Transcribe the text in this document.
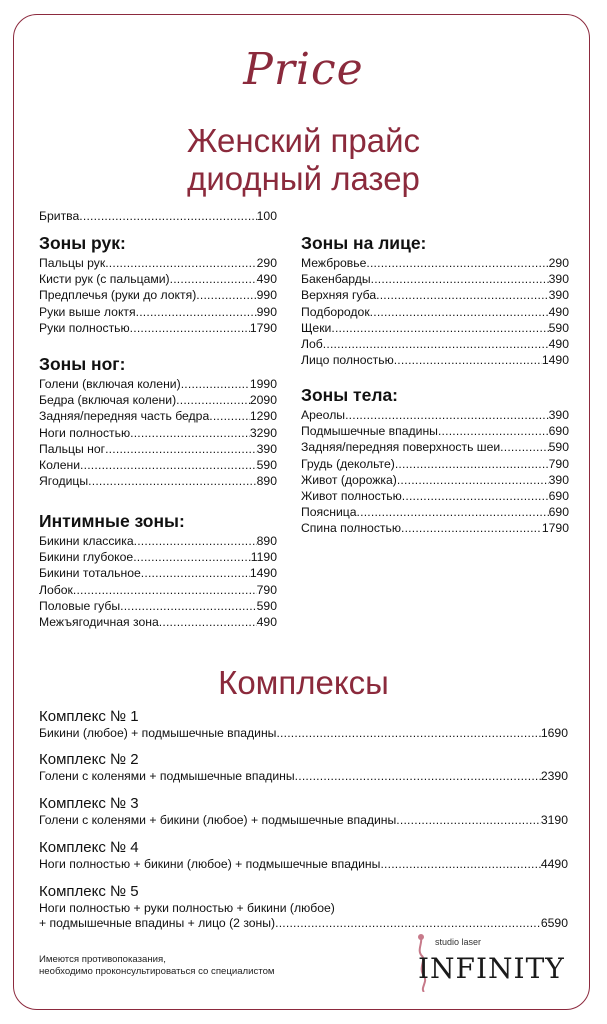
Price
Женский прайс
диодный лазер
Бритва .....	100
Зоны рук:
Пальцы рук .....	290
Кисти рук (с пальцами) .....	490
Предплечья (руки до локтя) .....	990
Руки выше локтя .....	990
Руки полностью .....	1790
Зоны ног:
Голени (включая колени) .....	1990
Бедра (включая колени) .....	2090
Задняя/передняя часть бедра .....	1290
Ноги полностью .....	3290
Пальцы ног .....	390
Колени .....	590
Ягодицы .....	890
Интимные зоны:
Бикини классика .....	890
Бикини глубокое .....	1190
Бикини тотальное .....	1490
Лобок .....	790
Половые губы .....	590
Межъягодичная зона .....	490
Зоны на лице:
Межбровье .....	290
Бакенбарды .....	390
Верхняя губа .....	390
Подбородок .....	490
Щеки .....	590
Лоб .....	490
Лицо полностью .....	1490
Зоны тела:
Ареолы .....	390
Подмышечные впадины .....	690
Задняя/передняя поверхность шеи .....	590
Грудь (декольте) .....	790
Живот (дорожка) .....	390
Живот полностью .....	690
Поясница .....	690
Спина полностью .....	1790
Комплексы
Комплекс № 1
Бикини (любое) + подмышечные впадины .....	1690
Комплекс № 2
Голени с коленями + подмышечные впадины .....	2390
Комплекс № 3
Голени с коленями + бикини (любое) + подмышечные впадины .....	3190
Комплекс № 4
Ноги полностью + бикини (любое) + подмышечные впадины .....	4490
Комплекс № 5
Ноги полностью + руки полностью + бикини (любое)
+ подмышечные впадины + лицо (2 зоны) .....	6590
Имеются противопоказания,
необходимо проконсультироваться со специалистом
studio laser
INFINITY
